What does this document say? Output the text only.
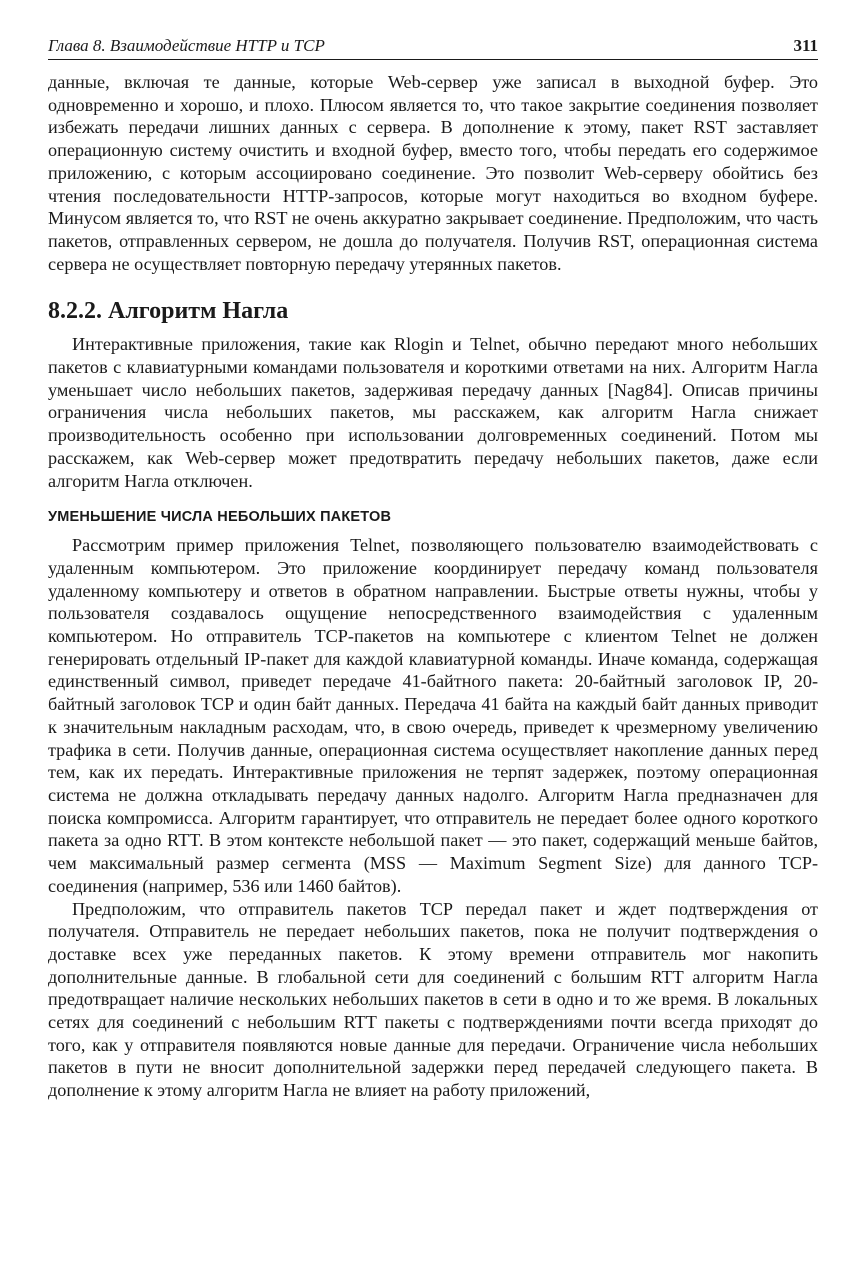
Глава 8. Взаимодействие HTTP и TCP	311

данные, включая те данные, которые Web-сервер уже записал в выходной буфер. Это одновременно и хорошо, и плохо. Плюсом является то, что такое закрытие соединения позволяет избежать передачи лишних данных с сервера. В дополнение к этому, пакет RST заставляет операционную систему очистить и входной буфер, вместо того, чтобы передать его содержимое приложению, с которым ассоциировано соединение. Это позволит Web-серверу обойтись без чтения последовательности HTTP-запросов, которые могут находиться во входном буфере. Минусом является то, что RST не очень аккуратно закрывает соединение. Предположим, что часть пакетов, отправленных сервером, не дошла до получателя. Получив RST, операционная система сервера не осуществляет повторную передачу утерянных пакетов.

8.2.2. Алгоритм Нагла

Интерактивные приложения, такие как Rlogin и Telnet, обычно передают много небольших пакетов с клавиатурными командами пользователя и короткими ответами на них. Алгоритм Нагла уменьшает число небольших пакетов, задерживая передачу данных [Nag84]. Описав причины ограничения числа небольших пакетов, мы расскажем, как алгоритм Нагла снижает производительность особенно при использовании долговременных соединений. Потом мы расскажем, как Web-сервер может предотвратить передачу небольших пакетов, даже если алгоритм Нагла отключен.

УМЕНЬШЕНИЕ ЧИСЛА НЕБОЛЬШИХ ПАКЕТОВ

Рассмотрим пример приложения Telnet, позволяющего пользователю взаимодействовать с удаленным компьютером. Это приложение координирует передачу команд пользователя удаленному компьютеру и ответов в обратном направлении. Быстрые ответы нужны, чтобы у пользователя создавалось ощущение непосредственного взаимодействия с удаленным компьютером. Но отправитель TCP-пакетов на компьютере с клиентом Telnet не должен генерировать отдельный IP-пакет для каждой клавиатурной команды. Иначе команда, содержащая единственный символ, приведет передаче 41-байтного пакета: 20-байтный заголовок IP, 20-байтный заголовок TCP и один байт данных. Передача 41 байта на каждый байт данных приводит к значительным накладным расходам, что, в свою очередь, приведет к чрезмерному увеличению трафика в сети. Получив данные, операционная система осуществляет накопление данных перед тем, как их передать. Интерактивные приложения не терпят задержек, поэтому операционная система не должна откладывать передачу данных надолго. Алгоритм Нагла предназначен для поиска компромисса. Алгоритм гарантирует, что отправитель не передает более одного короткого пакета за одно RTT. В этом контексте небольшой пакет — это пакет, содержащий меньше байтов, чем максимальный размер сегмента (MSS — Maximum Segment Size) для данного TCP-соединения (например, 536 или 1460 байтов).

Предположим, что отправитель пакетов TCP передал пакет и ждет подтверждения от получателя. Отправитель не передает небольших пакетов, пока не получит подтверждения о доставке всех уже переданных пакетов. К этому времени отправитель мог накопить дополнительные данные. В глобальной сети для соединений с большим RTT алгоритм Нагла предотвращает наличие нескольких небольших пакетов в сети в одно и то же время. В локальных сетях для соединений с небольшим RTT пакеты с подтверждениями почти всегда приходят до того, как у отправителя появляются новые данные для передачи. Ограничение числа небольших пакетов в пути не вносит дополнительной задержки перед передачей следующего пакета. В дополнение к этому алгоритм Нагла не влияет на работу приложений,
